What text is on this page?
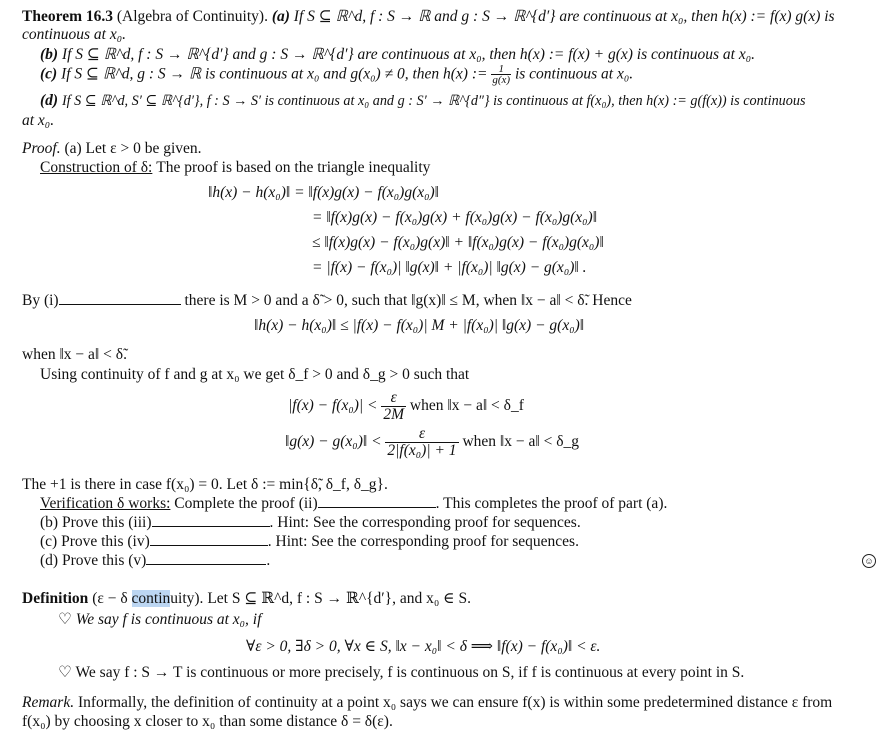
Theorem 16.3 (Algebra of Continuity). (a) If S ⊆ ℝ^d, f : S → ℝ and g : S → ℝ^{d′} are continuous at x₀, then h(x) := f(x) g(x) is
continuous at x₀.
(b) If S ⊆ ℝ^d, f : S → ℝ^{d′} and g : S → ℝ^{d′} are continuous at x₀, then h(x) := f(x) + g(x) is continuous at x₀.
(c) If S ⊆ ℝ^d, g : S → ℝ is continuous at x₀ and g(x₀) ≠ 0, then h(x) := $\frac{1}{g(x)}$ is continuous at x₀.
(d) If S ⊆ ℝ^d, S′ ⊆ ℝ^{d′}, f : S → S′ is continuous at x₀ and g : S′ → ℝ^{d″} is continuous at f(x₀), then h(x) := g(f(x)) is continuous
at x₀.
Proof. (a) Let ε > 0 be given.
Construction of δ: The proof is based on the triangle inequality
‖h(x) − h(x₀)‖ = ‖f(x)g(x) − f(x₀)g(x₀)‖
= ‖f(x)g(x) − f(x₀)g(x) + f(x₀)g(x) − f(x₀)g(x₀)‖
≤ ‖f(x)g(x) − f(x₀)g(x)‖ + ‖f(x₀)g(x) − f(x₀)g(x₀)‖
= |f(x) − f(x₀)| ‖g(x)‖ + |f(x₀)| ‖g(x) − g(x₀)‖ .
By (i)	there is M > 0 and a δ̃ > 0, such that ‖g(x)‖ ≤ M, when ‖x − a‖ < δ̃. Hence
‖h(x) − h(x₀)‖ ≤ |f(x) − f(x₀)| M + |f(x₀)| ‖g(x) − g(x₀)‖
when ‖x − a‖ < δ̃.
Using continuity of f and g at x₀ we get δ_f > 0 and δ_g > 0 such that
$|f(x) - f(x_0)| < \frac{\varepsilon}{2M}$ when ‖x − a‖ < δ_f
‖g(x) − g(x₀)‖ < $\frac{\varepsilon}{\text{2|f(x₀)| + 1}}$ when ‖x − a‖ < δ_g
The +1 is there in case f(x₀) = 0. Let δ := min{δ̃, δ_f, δ_g}.
Verification δ works: Complete the proof (ii)	. This completes the proof of part (a).
(b) Prove this (iii)	. Hint: See the corresponding proof for sequences.
(c) Prove this (iv)	. Hint: See the corresponding proof for sequences.
(d) Prove this (v)	.	☺
Definition (ε − δ continuity). Let S ⊆ ℝ^d, f : S → ℝ^{d′}, and x₀ ∈ S.
♡ We say f is continuous at x₀, if
∀ε > 0, ∃δ > 0, ∀x ∈ S, ‖x − x₀‖ < δ ⟹ ‖f(x) − f(x₀)‖ < ε.
♡ We say f : S → T is continuous or more precisely, f is continuous on S, if f is continuous at every point in S.
Remark. Informally, the definition of continuity at a point x₀ says we can ensure f(x) is within some predetermined distance ε from
f(x₀) by choosing x closer to x₀ than some distance δ = δ(ε).
